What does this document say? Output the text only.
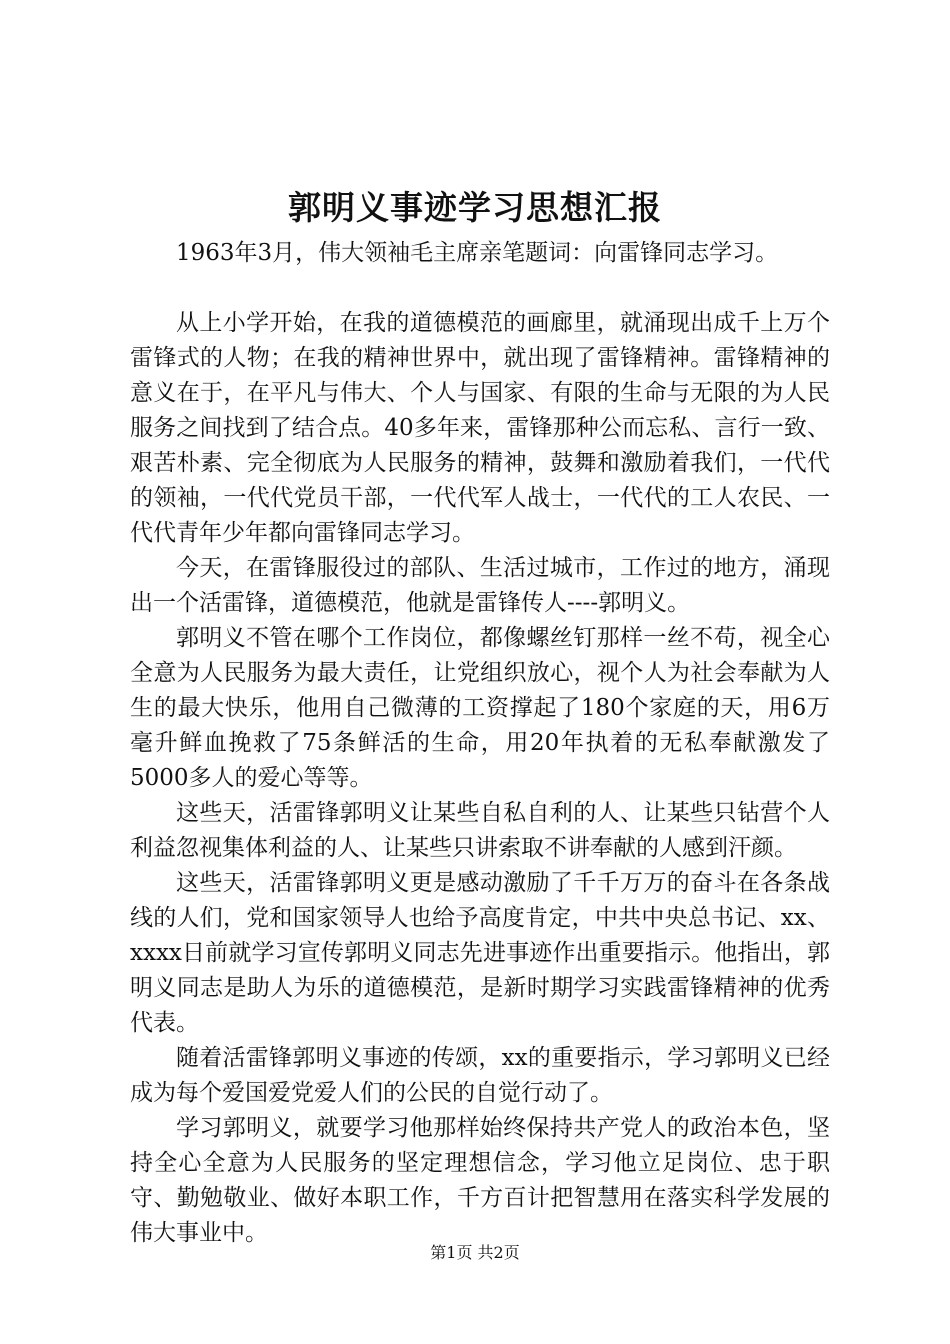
郭明义事迹学习思想汇报

1963年3月，伟大领袖毛主席亲笔题词：向雷锋同志学习。

从上小学开始，在我的道德模范的画廊里，就涌现出成千上万个雷锋式的人物；在我的精神世界中，就出现了雷锋精神。雷锋精神的意义在于，在平凡与伟大、个人与国家、有限的生命与无限的为人民服务之间找到了结合点。40多年来，雷锋那种公而忘私、言行一致、艰苦朴素、完全彻底为人民服务的精神，鼓舞和激励着我们，一代代的领袖，一代代党员干部，一代代军人战士，一代代的工人农民、一代代青年少年都向雷锋同志学习。

今天，在雷锋服役过的部队、生活过城市，工作过的地方，涌现出一个活雷锋，道德模范，他就是雷锋传人----郭明义。

郭明义不管在哪个工作岗位，都像螺丝钉那样一丝不苟，视全心全意为人民服务为最大责任，让党组织放心，视个人为社会奉献为人生的最大快乐，他用自己微薄的工资撑起了180个家庭的天，用6万毫升鲜血挽救了75条鲜活的生命，用20年执着的无私奉献激发了5000多人的爱心等等。

这些天，活雷锋郭明义让某些自私自利的人、让某些只钻营个人利益忽视集体利益的人、让某些只讲索取不讲奉献的人感到汗颜。

这些天，活雷锋郭明义更是感动激励了千千万万的奋斗在各条战线的人们，党和国家领导人也给予高度肯定，中共中央总书记、xx、xxxx日前就学习宣传郭明义同志先进事迹作出重要指示。他指出，郭明义同志是助人为乐的道德模范，是新时期学习实践雷锋精神的优秀代表。

随着活雷锋郭明义事迹的传颂，xx的重要指示，学习郭明义已经成为每个爱国爱党爱人们的公民的自觉行动了。

学习郭明义，就要学习他那样始终保持共产党人的政治本色，坚持全心全意为人民服务的坚定理想信念，学习他立足岗位、忠于职守、勤勉敬业、做好本职工作，千方百计把智慧用在落实科学发展的伟大事业中。

第1页 共2页
